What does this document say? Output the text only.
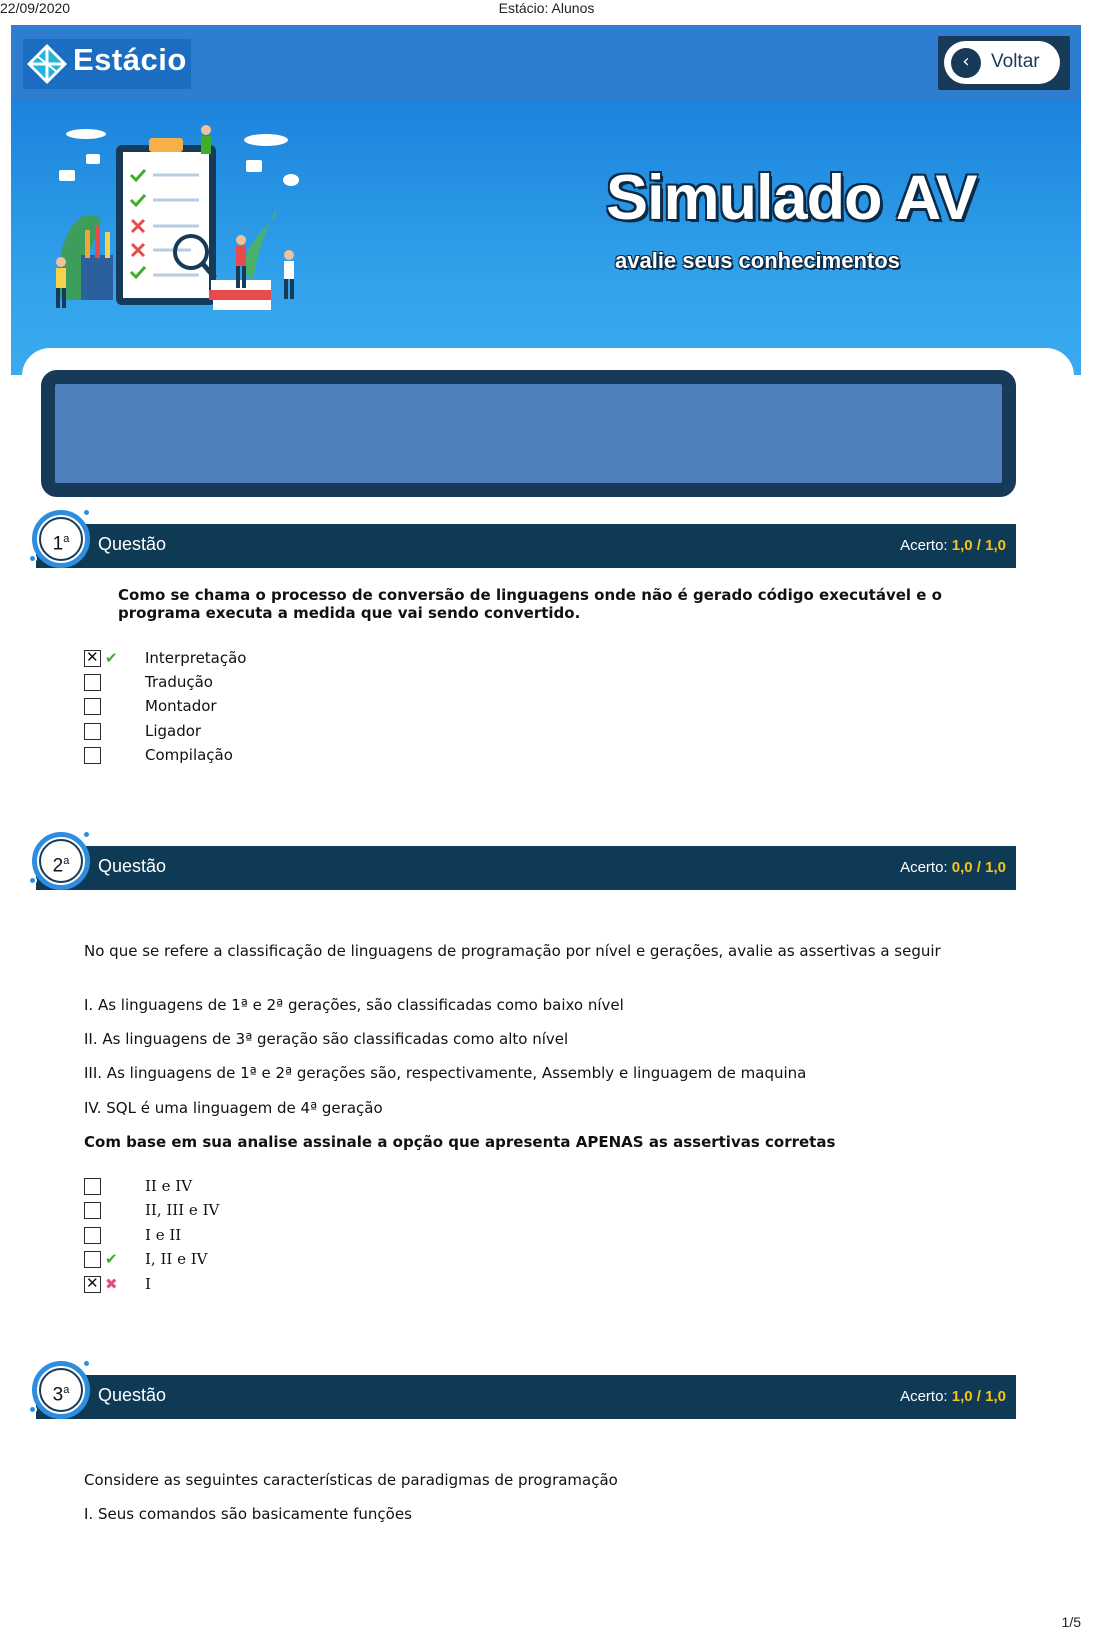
22/09/2020	Estácio: Alunos
Estácio	‹	Voltar
Simulado AV
avalie seus conhecimentos
1$^a$	Questão	Acerto: 1,0 / 1,0
Como se chama o processo de conversão de linguagens onde não é gerado código executável e o programa executa a medida que vai sendo convertido.
✕
✔ Interpretação
Tradução
Montador
Ligador
Compilação
2$^a$	Questão	Acerto: 0,0 / 1,0
No que se refere a classificação de linguagens de programação por nível e gerações, avalie as assertivas a seguir
I. As linguagens de 1ª e 2ª gerações, são classificadas como baixo nível
II. As linguagens de 3ª geração são classificadas como alto nível
III. As linguagens de 1ª e 2ª gerações são, respectivamente, Assembly e linguagem de maquina
IV. SQL é uma linguagem de 4ª geração
Com base em sua analise assinale a opção que apresenta APENAS as assertivas corretas
II e IV
II, III e IV
I e II
✔ I, II e IV
✕
✖ I
3$^a$	Questão	Acerto: 1,0 / 1,0
Considere as seguintes características de paradigmas de programação
I. Seus comandos são basicamente funções
1/5
